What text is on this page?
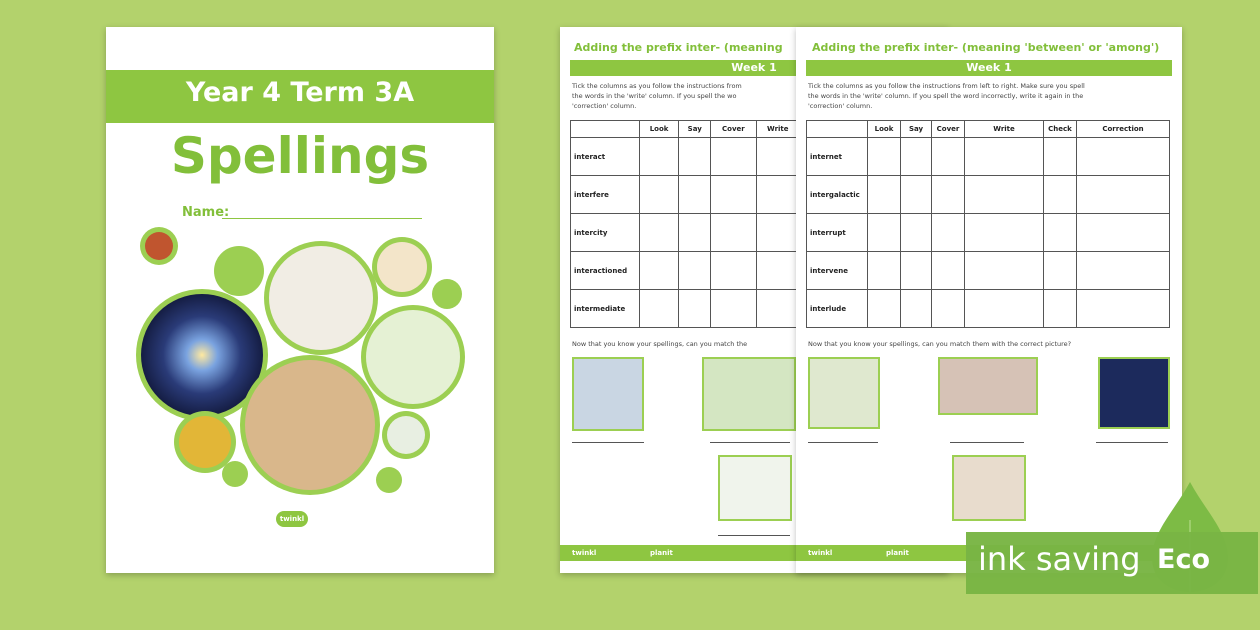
Year 4 Term 3A
Spellings
Name:
twinkl
Adding the prefix inter- (meaning
Week 1
Tick the columns as you follow the instructions from
the words in the 'write' column. If you spell the wo
'correction' column.
	Look	Say	Cover	Write
interact				
interfere				
intercity				
interactioned				
intermediate				
Now that you know your spellings, can you match the
twinkl	planit
Adding the prefix inter- (meaning 'between' or 'among')
Week 1
Tick the columns as you follow the instructions from left to right. Make sure you spell
the words in the 'write' column. If you spell the word incorrectly, write it again in the
'correction' column.
	Look	Say	Cover	Write	Check	Correction
internet						
intergalactic						
interrupt						
intervene						
interlude						
Now that you know your spellings, can you match them with the correct picture?
twinkl	planit ink saving Eco
